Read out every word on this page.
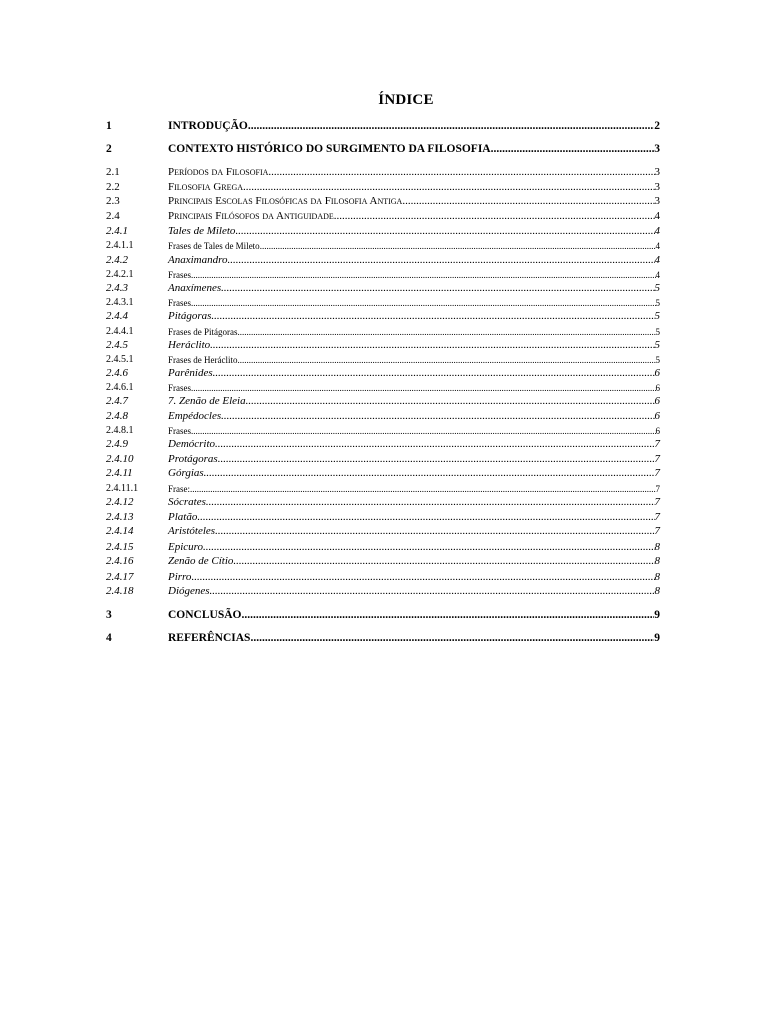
ÍNDICE
1	INTRODUÇÃO .....	2
2	CONTEXTO HISTÓRICO DO SURGIMENTO DA FILOSOFIA .....	3
2.1	Períodos da Filosofia .....	3
2.2	Filosofia Grega .....	3
2.3	Principais Escolas Filosóficas da Filosofia Antiga .....	3
2.4	Principais Filósofos da Antiguidade .....	4
2.4.1	Tales de Mileto .....	4
2.4.1.1	Frases de Tales de Mileto .....	4
2.4.2	Anaximandro .....	4
2.4.2.1	Frases .....	4
2.4.3	Anaxímenes .....	5
2.4.3.1	Frases .....	5
2.4.4	Pitágoras .....	5
2.4.4.1	Frases de Pitágoras .....	5
2.4.5	Heráclito .....	5
2.4.5.1	Frases de Heráclito .....	5
2.4.6	Parênides .....	6
2.4.6.1	Frases .....	6
2.4.7	7. Zenão de Eleia .....	6
2.4.8	Empédocles .....	6
2.4.8.1	Frases .....	6
2.4.9	Demócrito .....	7
2.4.10	Protágoras .....	7
2.4.11	Górgias .....	7
2.4.11.1	Frase: .....	7
2.4.12	Sócrates .....	7
2.4.13	Platão .....	7
2.4.14	Aristóteles .....	7
2.4.15	Epicuro .....	8
2.4.16	Zenão de Cítio .....	8
2.4.17	Pirro .....	8
2.4.18	Diógenes .....	8
3	CONCLUSÃO .....	9
4	REFERÊNCIAS .....	9
